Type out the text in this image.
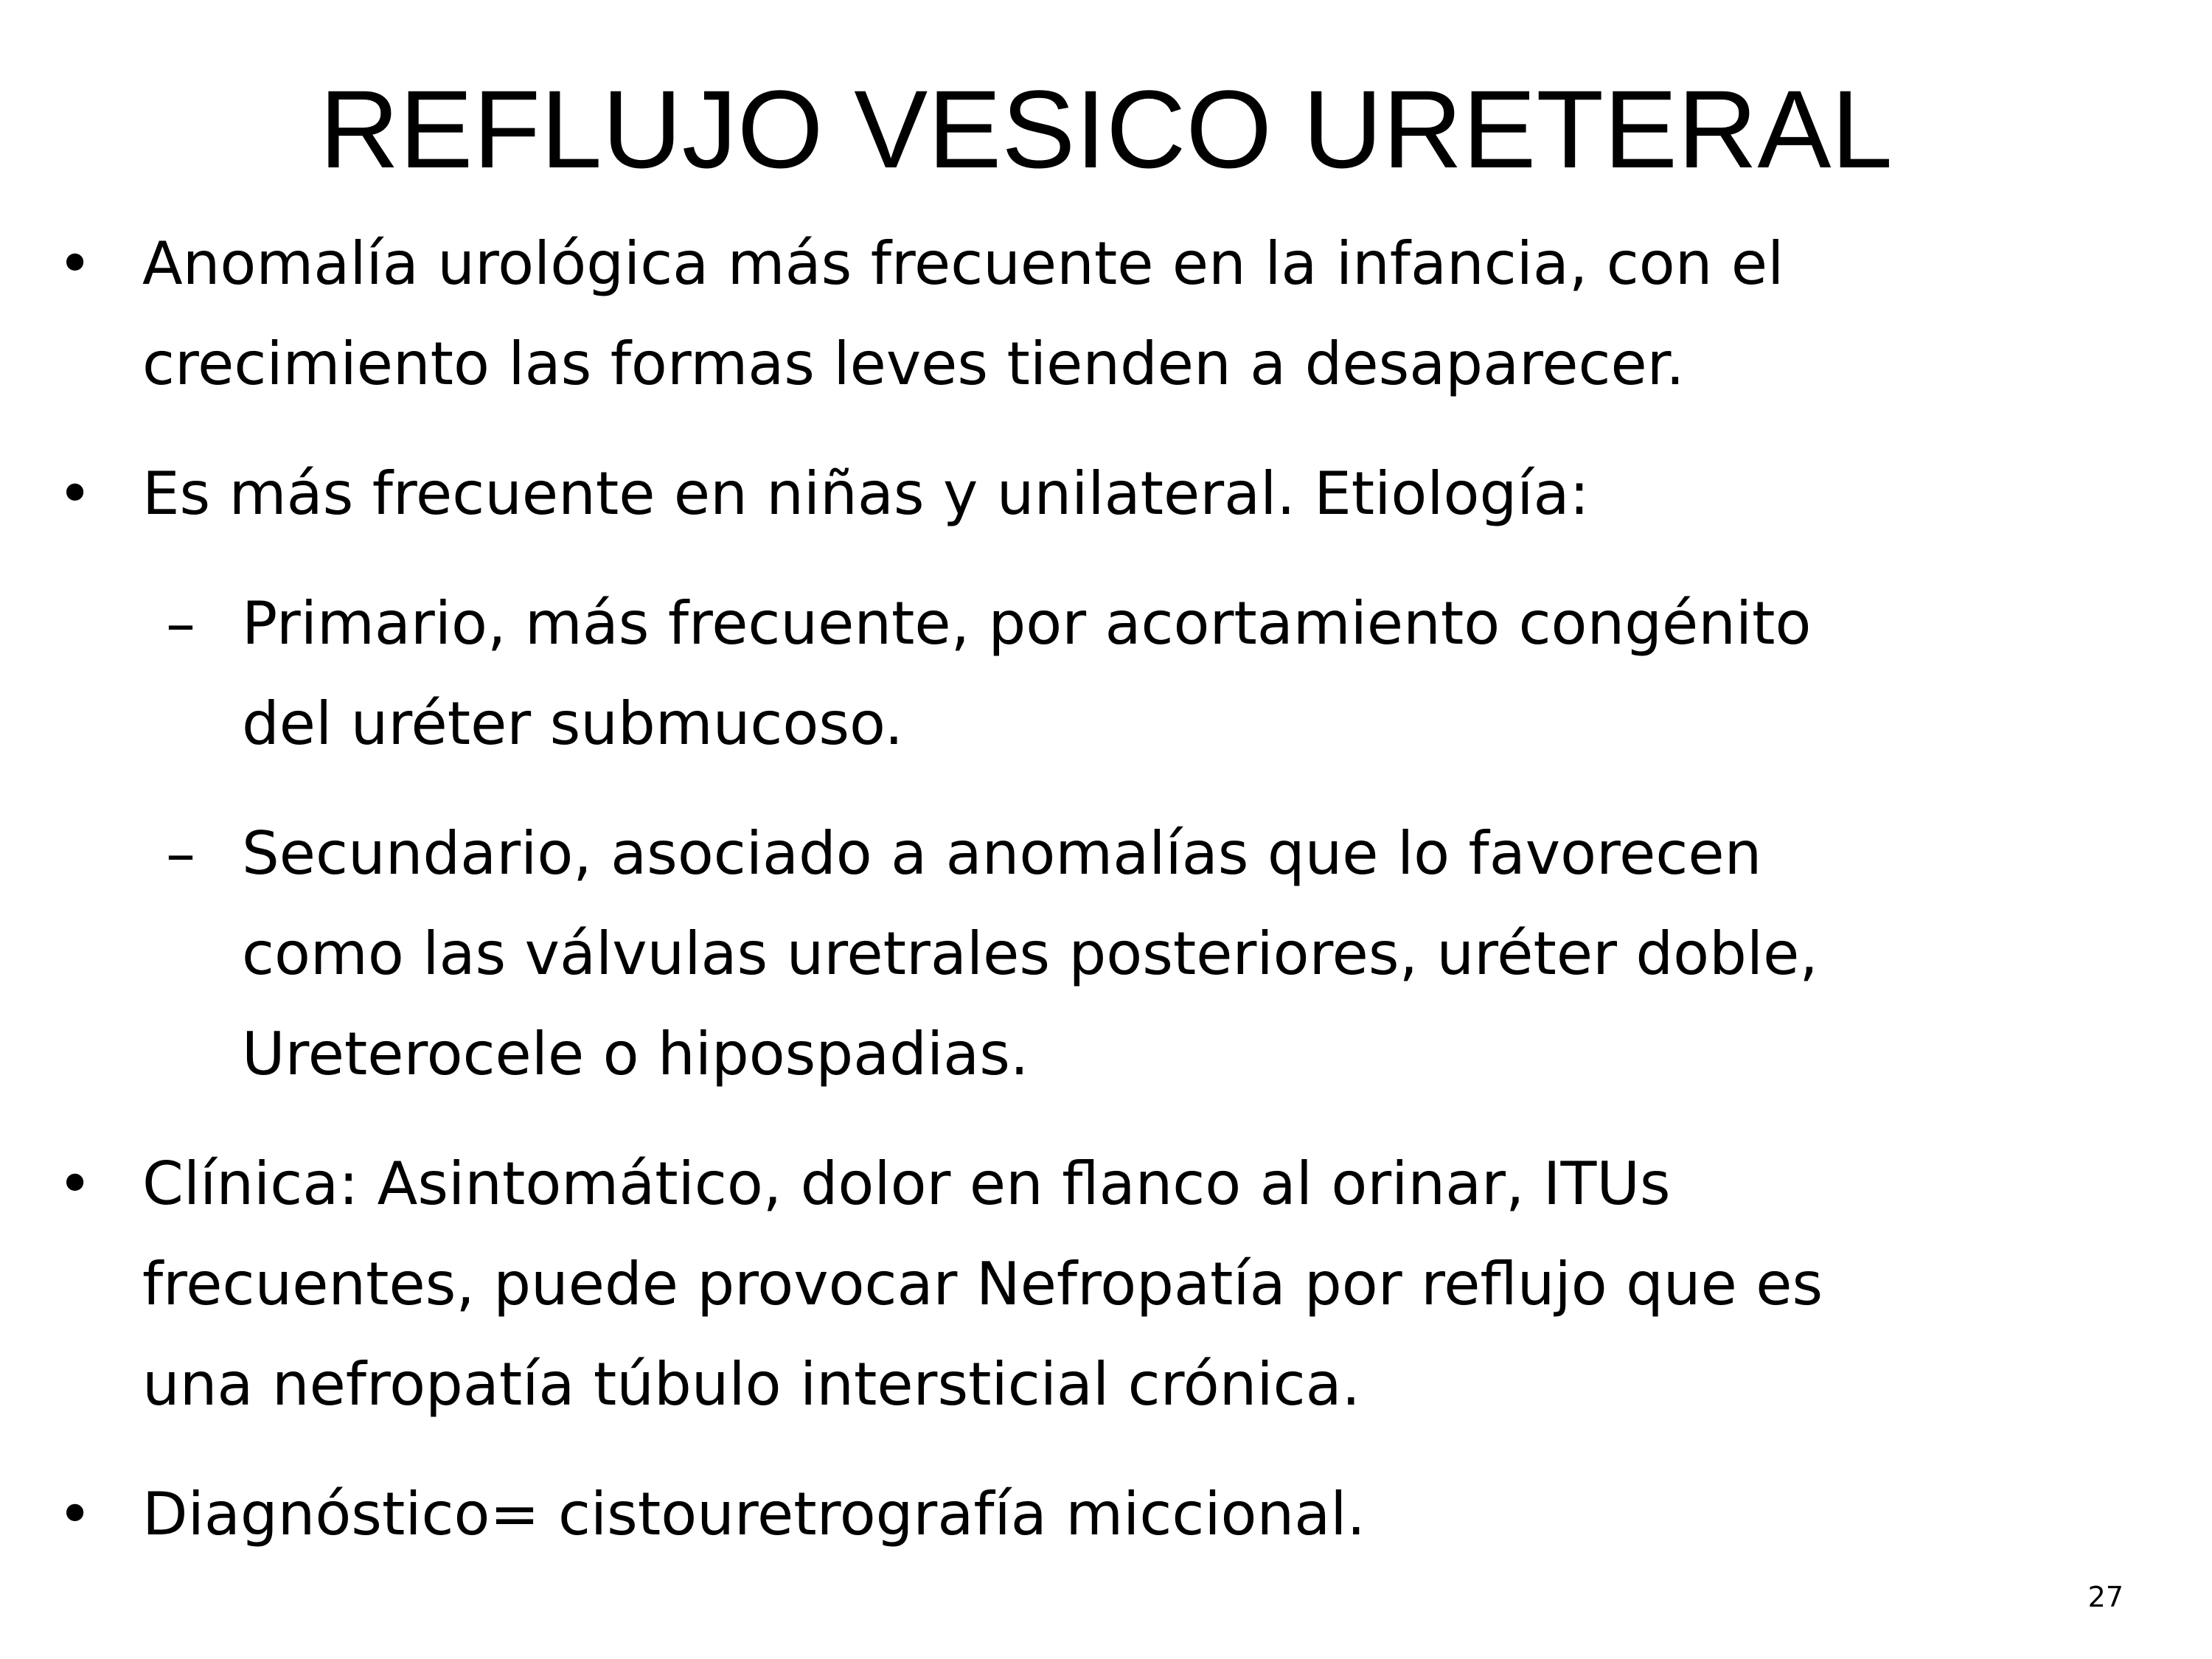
REFLUJO VESICO URETERAL
• Anomalía urológica más frecuente en la infancia, con el
crecimiento las formas leves tienden a desaparecer.
• Es más frecuente en niñas y unilateral. Etiología:
– Primario, más frecuente, por acortamiento congénito
del uréter submucoso.
– Secundario, asociado a anomalías que lo favorecen
como las válvulas uretrales posteriores, uréter doble,
Ureterocele o hipospadias.
• Clínica: Asintomático, dolor en flanco al orinar, ITUs
frecuentes, puede provocar Nefropatía por reflujo que es
una nefropatía túbulo intersticial crónica.
• Diagnóstico= cistouretrografía miccional.
27
